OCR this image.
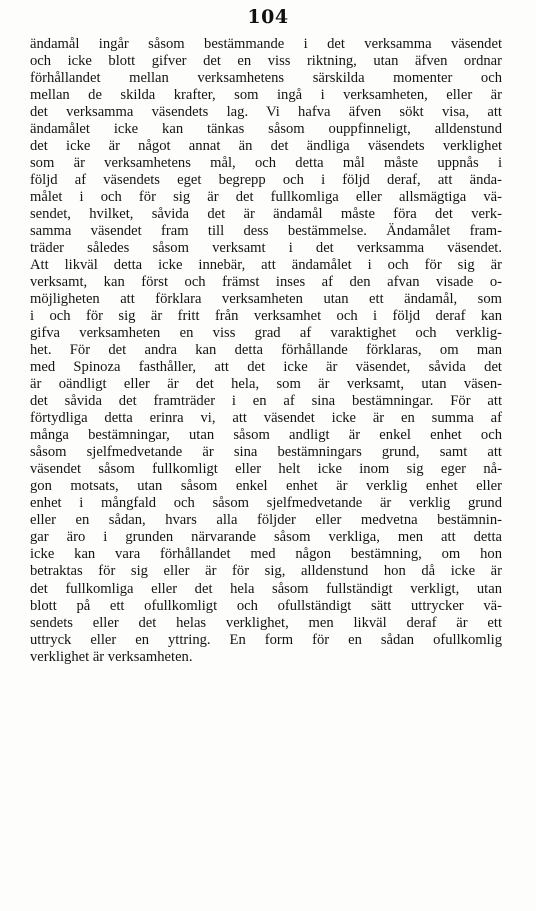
104
ändamål ingår såsom bestämmande i det verksamma väsendet
och icke blott gifver det en viss riktning, utan äfven ordnar
förhållandet mellan verksamhetens särskilda momenter och
mellan de skilda krafter, som ingå i verksamheten, eller är
det verksamma väsendets lag. Vi hafva äfven sökt visa, att
ändamålet icke kan tänkas såsom ouppfinneligt, alldenstund
det icke är något annat än det ändliga väsendets verklighet
som är verksamhetens mål, och detta mål måste uppnås i
följd af väsendets eget begrepp och i följd deraf, att ända-
målet i och för sig är det fullkomliga eller allsmägtiga vä-
sendet, hvilket, såvida det är ändamål måste föra det verk-
samma väsendet fram till dess bestämmelse. Ändamålet fram-
träder således såsom verksamt i det verksamma väsendet.
Att likväl detta icke innebär, att ändamålet i och för sig är
verksamt, kan först och främst inses af den afvan visade o-
möjligheten att förklara verksamheten utan ett ändamål, som
i och för sig är fritt från verksamhet och i följd deraf kan
gifva verksamheten en viss grad af varaktighet och verklig-
het. För det andra kan detta förhållande förklaras, om man
med Spinoza fasthåller, att det icke är väsendet, såvida det
är oändligt eller är det hela, som är verksamt, utan väsen-
det såvida det framträder i en af sina bestämningar. För att
förtydliga detta erinra vi, att väsendet icke är en summa af
många bestämningar, utan såsom andligt är enkel enhet och
såsom sjelfmedvetande är sina bestämningars grund, samt att
väsendet såsom fullkomligt eller helt icke inom sig eger nå-
gon motsats, utan såsom enkel enhet är verklig enhet eller
enhet i mångfald och såsom sjelfmedvetande är verklig grund
eller en sådan, hvars alla följder eller medvetna bestämnin-
gar äro i grunden närvarande såsom verkliga, men att detta
icke kan vara förhållandet med någon bestämning, om hon
betraktas för sig eller är för sig, alldenstund hon då icke är
det fullkomliga eller det hela såsom fullständigt verkligt, utan
blott på ett ofullkomligt och ofullständigt sätt uttrycker vä-
sendets eller det helas verklighet, men likväl deraf är ett
uttryck eller en yttring. En form för en sådan ofullkomlig
verklighet är verksamheten.
